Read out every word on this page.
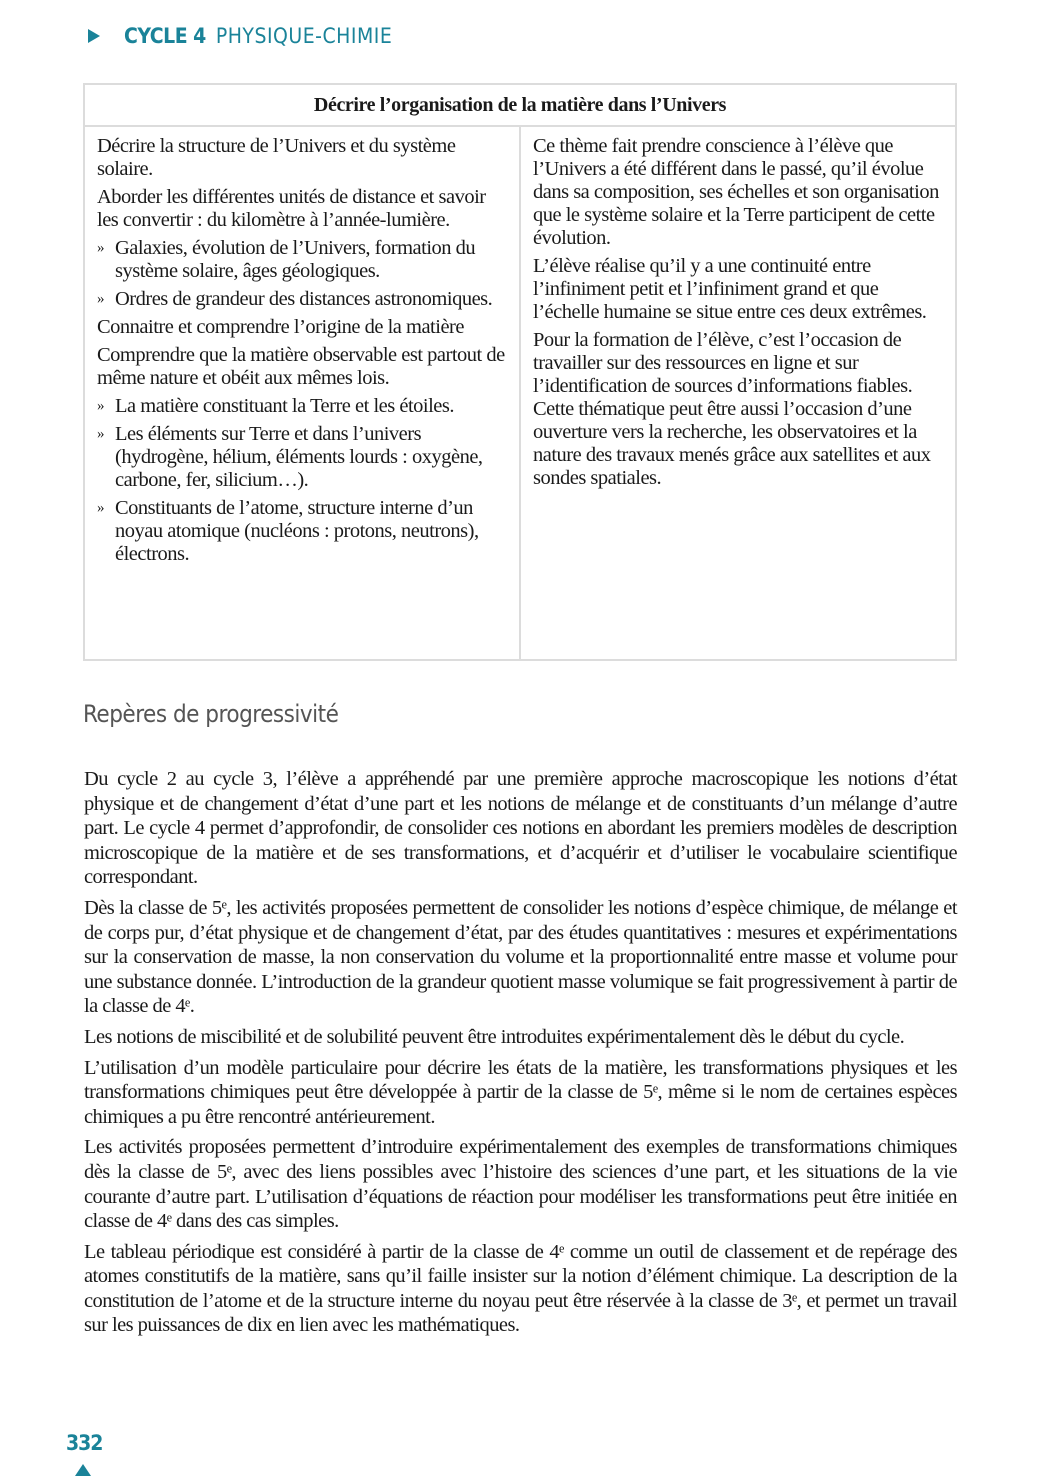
CYCLE 4 PHYSIQUE-CHIMIE
Décrire l’organisation de la matière dans l’Univers

Décrire la structure de l’Univers et du système solaire.

Aborder les différentes unités de distance et savoir les convertir : du kilomètre à l’année-lumière.

» Galaxies, évolution de l’Univers, formation du système solaire, âges géologiques.
» Ordres de grandeur des distances astronomiques.

Connaitre et comprendre l’origine de la matière

Comprendre que la matière observable est partout de même nature et obéit aux mêmes lois.

» La matière constituant la Terre et les étoiles.
» Les éléments sur Terre et dans l’univers (hydrogène, hélium, éléments lourds : oxygène, carbone, fer, silicium…).
» Constituants de l’atome, structure interne d’un noyau atomique (nucléons : protons, neutrons), électrons.

Ce thème fait prendre conscience à l’élève que l’Univers a été différent dans le passé, qu’il évolue dans sa composition, ses échelles et son organisation que le système solaire et la Terre participent de cette évolution.

L’élève réalise qu’il y a une continuité entre l’infiniment petit et l’infiniment grand et que l’échelle humaine se situe entre ces deux extrêmes.

Pour la formation de l’élève, c’est l’occasion de travailler sur des ressources en ligne et sur l’identification de sources d’informations fiables. Cette thématique peut être aussi l’occasion d’une ouverture vers la recherche, les observatoires et la nature des travaux menés grâce aux satellites et aux sondes spatiales.

Repères de progressivité

Du cycle 2 au cycle 3, l’élève a appréhendé par une première approche macroscopique les notions d’état physique et de changement d’état d’une part et les notions de mélange et de constituants d’un mélange d’autre part. Le cycle 4 permet d’approfondir, de consolider ces notions en abordant les premiers modèles de description microscopique de la matière et de ses transformations, et d’acquérir et d’utiliser le vocabulaire scientifique correspondant.

Dès la classe de 5ᵉ, les activités proposées permettent de consolider les notions d’espèce chimique, de mélange et de corps pur, d’état physique et de changement d’état, par des études quantitatives : mesures et expérimentations sur la conservation de masse, la non conservation du volume et la proportionnalité entre masse et volume pour une substance donnée. L’introduction de la grandeur quotient masse volumique se fait progressivement à partir de la classe de 4ᵉ.

Les notions de miscibilité et de solubilité peuvent être introduites expérimentalement dès le début du cycle.

L’utilisation d’un modèle particulaire pour décrire les états de la matière, les transformations physiques et les transformations chimiques peut être développée à partir de la classe de 5ᵉ, même si le nom de certaines espèces chimiques a pu être rencontré antérieurement.

Les activités proposées permettent d’introduire expérimentalement des exemples de transformations chimiques dès la classe de 5ᵉ, avec des liens possibles avec l’histoire des sciences d’une part, et les situations de la vie courante d’autre part. L’utilisation d’équations de réaction pour modéliser les transformations peut être initiée en classe de 4ᵉ dans des cas simples.

Le tableau périodique est considéré à partir de la classe de 4ᵉ comme un outil de classement et de repérage des atomes constitutifs de la matière, sans qu’il faille insister sur la notion d’élément chimique. La description de la constitution de l’atome et de la structure interne du noyau peut être réservée à la classe de 3ᵉ, et permet un travail sur les puissances de dix en lien avec les mathématiques.

332
